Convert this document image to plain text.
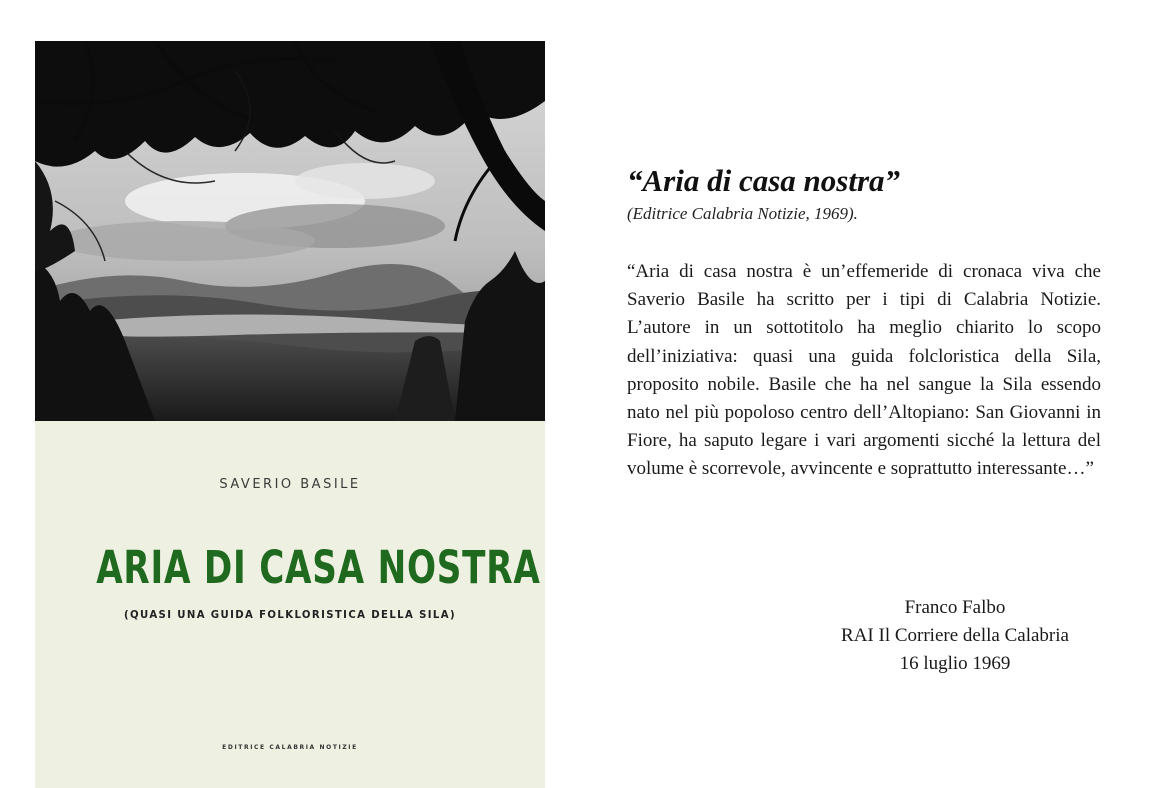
SAVERIO BASILE
ARIA DI CASA NOSTRA
(QUASI UNA GUIDA FOLKLORISTICA DELLA SILA)
EDITRICE CALABRIA NOTIZIE
“Aria di casa nostra”

(Editrice Calabria Notizie, 1969).

“Aria di casa nostra è un’effemeride di cronaca viva che Saverio Basile ha scritto per i tipi di Calabria Notizie. L’autore in un sottotitolo ha meglio chiarito lo scopo dell’iniziativa: quasi una guida folcloristica della Sila, proposito nobile. Basile che ha nel sangue la Sila essendo nato nel più popoloso centro dell’Altopiano: San Giovanni in Fiore, ha saputo legare i vari argomenti sicché la lettura del volume è scorrevole, avvincente e soprattutto interessante…”

Franco Falbo

RAI Il Corriere della Calabria

16 luglio 1969
